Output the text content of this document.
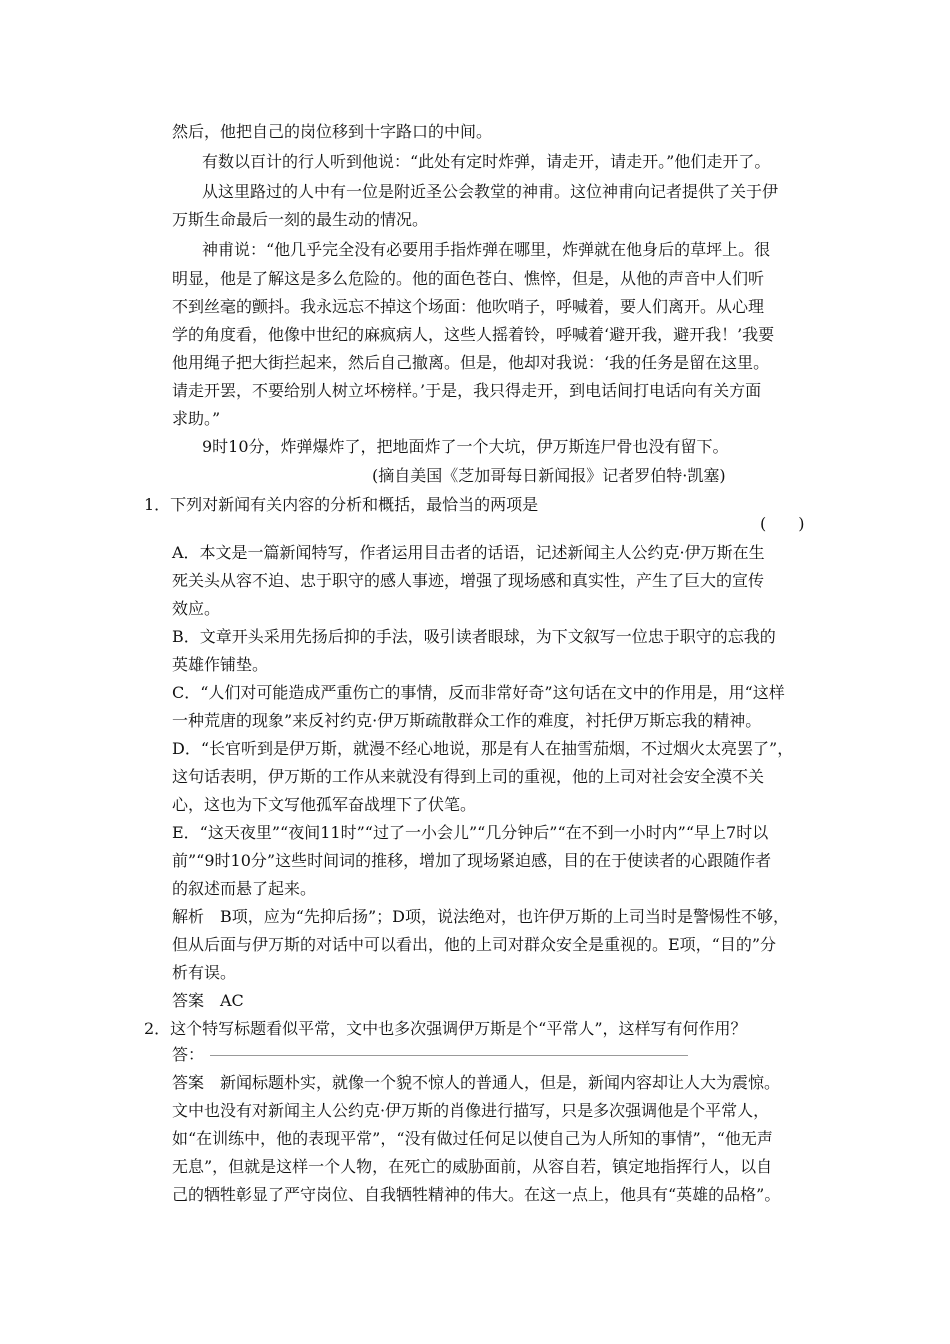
然后，他把自己的岗位移到十字路口的中间。
有数以百计的行人听到他说：“此处有定时炸弹，请走开，请走开。”他们走开了。
从这里路过的人中有一位是附近圣公会教堂的神甫。这位神甫向记者提供了关于伊
万斯生命最后一刻的最生动的情况。
神甫说：“他几乎完全没有必要用手指炸弹在哪里，炸弹就在他身后的草坪上。很
明显，他是了解这是多么危险的。他的面色苍白、憔悴，但是，从他的声音中人们听
不到丝毫的颤抖。我永远忘不掉这个场面：他吹哨子，呼喊着，要人们离开。从心理
学的角度看，他像中世纪的麻疯病人，这些人摇着铃，呼喊着‘避开我，避开我！’我要
他用绳子把大街拦起来，然后自己撤离。但是，他却对我说：‘我的任务是留在这里。
请走开罢，不要给别人树立坏榜样。’于是，我只得走开，到电话间打电话向有关方面
求助。”
9时10分，炸弹爆炸了，把地面炸了一个大坑，伊万斯连尸骨也没有留下。
(摘自美国《芝加哥每日新闻报》记者罗伯特·凯塞)
1．下列对新闻有关内容的分析和概括，最恰当的两项是
(　　)
A．本文是一篇新闻特写，作者运用目击者的话语，记述新闻主人公约克·伊万斯在生
死关头从容不迫、忠于职守的感人事迹，增强了现场感和真实性，产生了巨大的宣传
效应。
B．文章开头采用先扬后抑的手法，吸引读者眼球，为下文叙写一位忠于职守的忘我的
英雄作铺垫。
C．“人们对可能造成严重伤亡的事情，反而非常好奇”这句话在文中的作用是，用“这样
一种荒唐的现象”来反衬约克·伊万斯疏散群众工作的难度，衬托伊万斯忘我的精神。
D．“长官听到是伊万斯，就漫不经心地说，那是有人在抽雪茄烟，不过烟火太亮罢了”，
这句话表明，伊万斯的工作从来就没有得到上司的重视，他的上司对社会安全漠不关
心，这也为下文写他孤军奋战埋下了伏笔。
E．“这天夜里”“夜间11时”“过了一小会儿”“几分钟后”“在不到一小时内”“早上7时以
前”“9时10分”这些时间词的推移，增加了现场紧迫感，目的在于使读者的心跟随作者
的叙述而悬了起来。
解析　B项，应为“先抑后扬”；D项，说法绝对，也许伊万斯的上司当时是警惕性不够，
但从后面与伊万斯的对话中可以看出，他的上司对群众安全是重视的。E项，“目的”分
析有误。
答案　AC
2．这个特写标题看似平常，文中也多次强调伊万斯是个“平常人”，这样写有何作用？
答：
答案　新闻标题朴实，就像一个貌不惊人的普通人，但是，新闻内容却让人大为震惊。
文中也没有对新闻主人公约克·伊万斯的肖像进行描写，只是多次强调他是个平常人，
如“在训练中，他的表现平常”，“没有做过任何足以使自己为人所知的事情”，“他无声
无息”，但就是这样一个人物，在死亡的威胁面前，从容自若，镇定地指挥行人，以自
己的牺牲彰显了严守岗位、自我牺牲精神的伟大。在这一点上，他具有“英雄的品格”。
